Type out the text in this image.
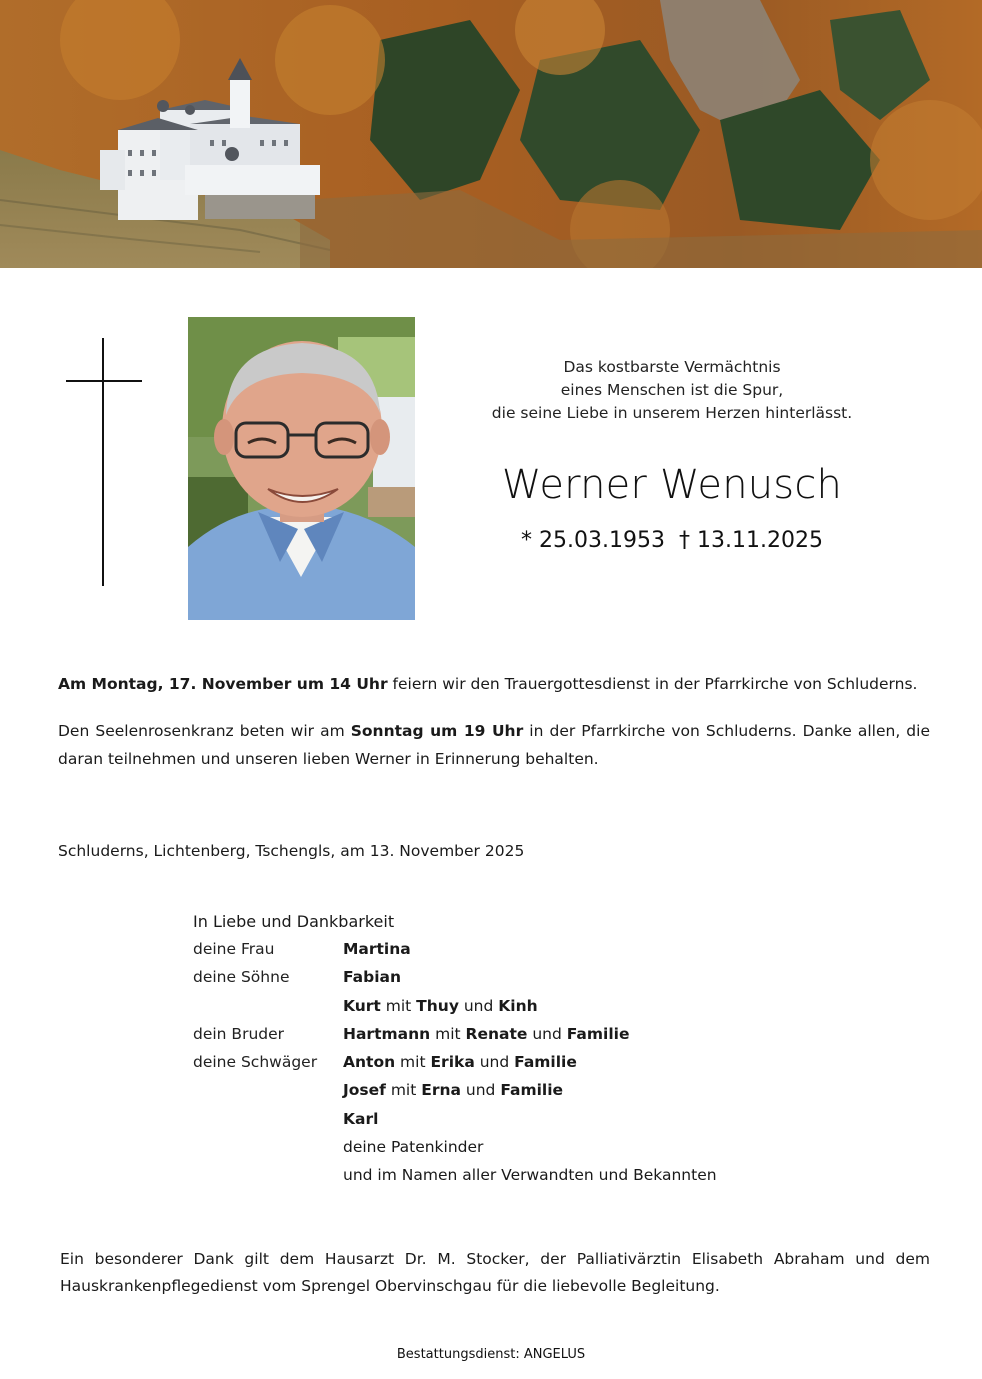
Das kostbarste Vermächtnis
eines Menschen ist die Spur,
die seine Liebe in unserem Herzen hinterlässt.
Werner Wenusch
* 25.03.1953 † 13.11.2025
Am Montag, 17. November um 14 Uhr feiern wir den Trauergottesdienst in der Pfarrkirche von Schluderns.
Den Seelenrosenkranz beten wir am Sonntag um 19 Uhr in der Pfarrkirche von Schluderns. Danke allen, die daran teilnehmen und unseren lieben Werner in Erinnerung behalten.
Schluderns, Lichtenberg, Tschengls, am 13. November 2025
In Liebe und Dankbarkeit
deine Frau	Martina
deine Söhne	Fabian
Kurt mit Thuy und Kinh
dein Bruder	Hartmann mit Renate und Familie
deine Schwäger	Anton mit Erika und Familie
Josef mit Erna und Familie
Karl
deine Patenkinder
und im Namen aller Verwandten und Bekannten
Ein besonderer Dank gilt dem Hausarzt Dr. M. Stocker, der Palliativärztin Elisabeth Abraham und dem Hauskrankenpflegedienst vom Sprengel Obervinschgau für die liebevolle Begleitung.
Bestattungsdienst: ANGELUS
